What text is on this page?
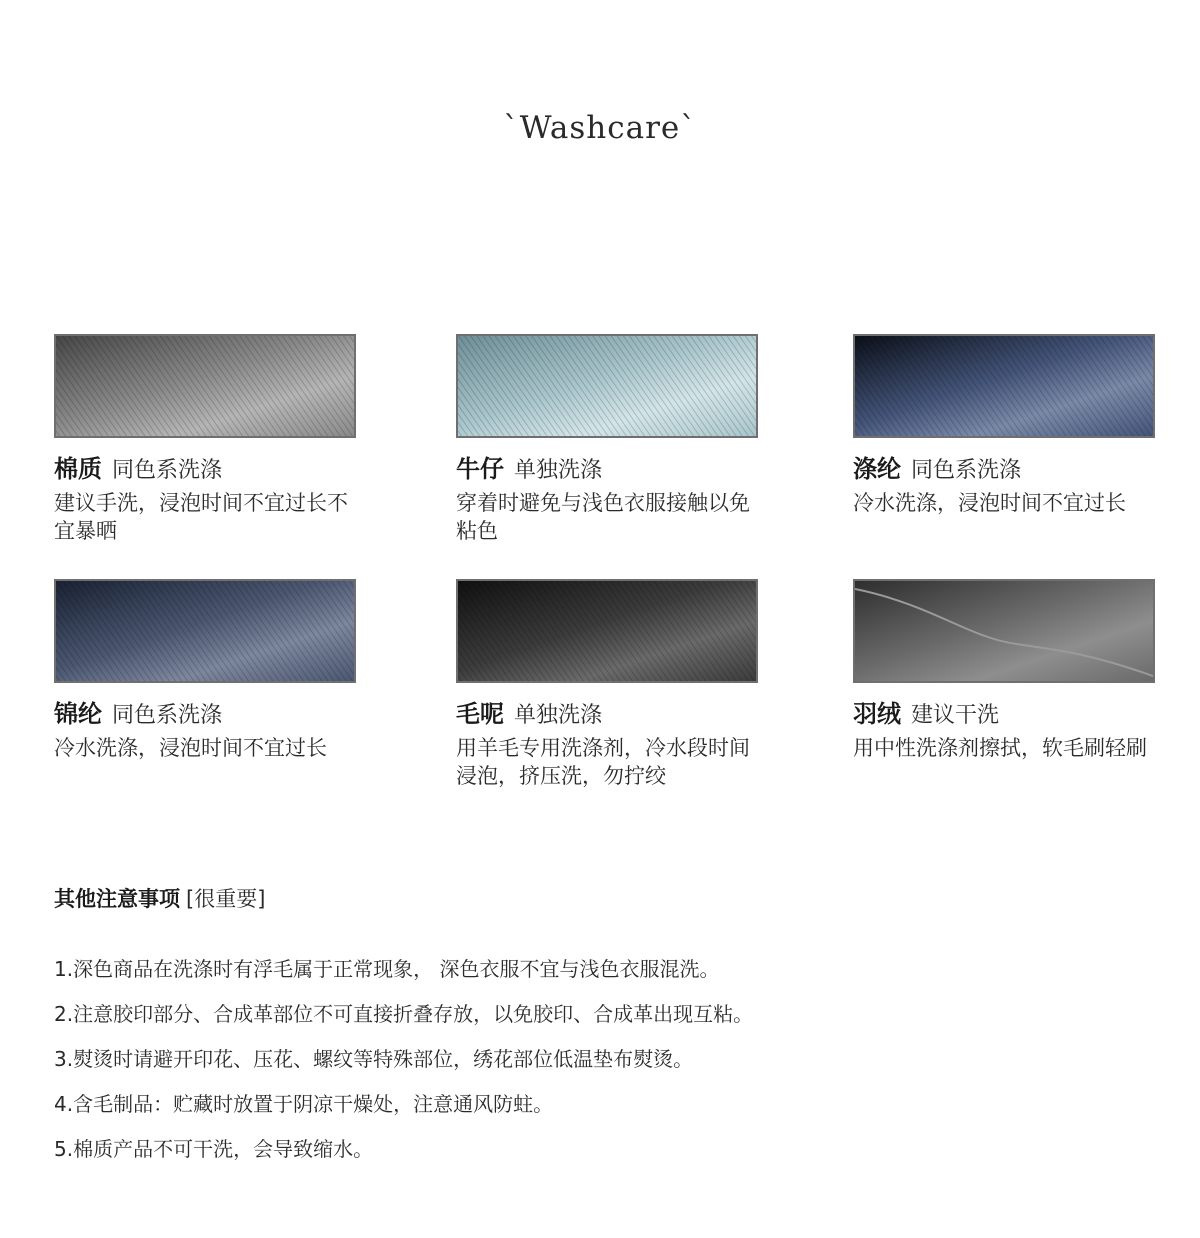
`Washcare`
棉质 同色系洗涤
建议手洗，浸泡时间不宜过长不宜暴晒
牛仔 单独洗涤
穿着时避免与浅色衣服接触以免粘色
涤纶 同色系洗涤
冷水洗涤，浸泡时间不宜过长
锦纶 同色系洗涤
冷水洗涤，浸泡时间不宜过长
毛呢 单独洗涤
用羊毛专用洗涤剂，冷水段时间浸泡，挤压洗，勿拧绞
羽绒 建议干洗
用中性洗涤剂擦拭，软毛刷轻刷
其他注意事项 [很重要]
1.深色商品在洗涤时有浮毛属于正常现象， 深色衣服不宜与浅色衣服混洗。
2.注意胶印部分、合成革部位不可直接折叠存放，以免胶印、合成革出现互粘。
3.熨烫时请避开印花、压花、螺纹等特殊部位，绣花部位低温垫布熨烫。
4.含毛制品：贮藏时放置于阴凉干燥处，注意通风防蛀。
5.棉质产品不可干洗，会导致缩水。
